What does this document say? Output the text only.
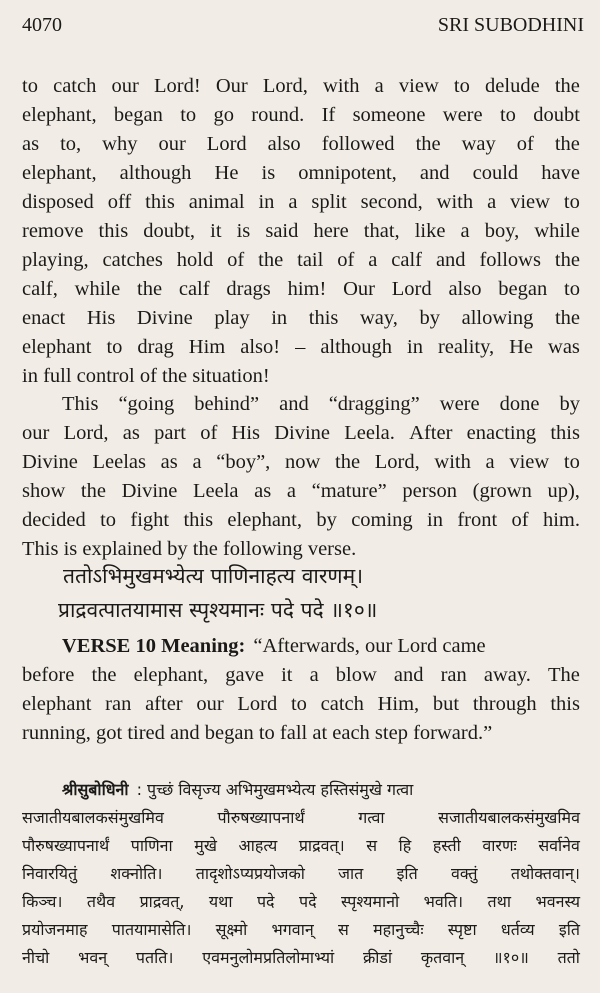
4070	SRI SUBODHINI
to catch our Lord! Our Lord, with a view to delude the
elephant, began to go round. If someone were to doubt
as to, why our Lord also followed the way of the
elephant, although He is omnipotent, and could have
disposed off this animal in a split second, with a view to
remove this doubt, it is said here that, like a boy, while
playing, catches hold of the tail of a calf and follows the
calf, while the calf drags him! Our Lord also began to
enact His Divine play in this way, by allowing the
elephant to drag Him also! – although in reality, He was
in full control of the situation!
This “going behind” and “dragging” were done by
our Lord, as part of His Divine Leela. After enacting this
Divine Leelas as a “boy”, now the Lord, with a view to
show the Divine Leela as a “mature” person (grown up),
decided to fight this elephant, by coming in front of him.
This is explained by the following verse.
ततोऽभिमुखमभ्येत्य पाणिनाहत्य वारणम्।
प्राद्रवत्पातयामास स्पृश्यमानः पदे पदे ॥१०॥
VERSE 10 Meaning: “Afterwards, our Lord came
before the elephant, gave it a blow and ran away. The
elephant ran after our Lord to catch Him, but through this
running, got tired and began to fall at each step forward.”
श्रीसुबोधिनी : पुच्छं विसृज्य अभिमुखमभ्येत्य हस्तिसंमुखे गत्वा
सजातीयबालकसंमुखमिव	पौरुषख्यापनार्थं	गत्वा	सजातीयबालकसंमुखमिव
पौरुषख्यापनार्थं पाणिना मुखे आहत्य प्राद्रवत्। स हि हस्ती वारणः सर्वानेव
निवारयितुं शक्नोति। तादृशोऽप्यप्रयोजको जात इति वक्तुं तथोक्तवान्।
किञ्च। तथैव प्राद्रवत्, यथा पदे पदे स्पृश्यमानो भवति। तथा भवनस्य
प्रयोजनमाह पातयामासेति। सूक्ष्मो भगवान् स महानुच्चैः स्पृष्टा धर्तव्य इति
नीचो भवन् पतति। एवमनुलोमप्रतिलोमाभ्यां क्रीडां कृतवान् ॥१०॥ ततो
